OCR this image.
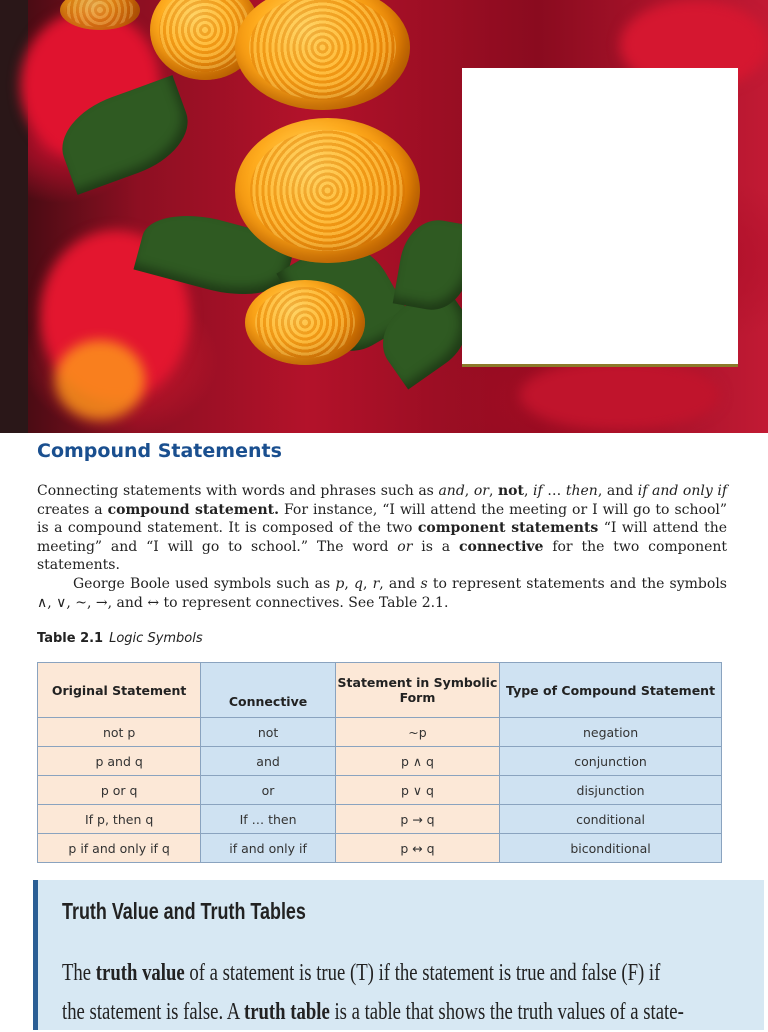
Compound Statements

Connecting statements with words and phrases such as and, or, not, if … then, and if and only if creates a compound statement. For instance, “I will attend the meeting or I will go to school” is a compound statement. It is composed of the two component statements “I will attend the meeting” and “I will go to school.” The word or is a connective for the two component statements.

George Boole used symbols such as p, q, r, and s to represent statements and the symbols ∧, ∨, ~, →, and ↔ to represent connectives. See Table 2.1.

Table 2.1 Logic Symbols
Original Statement	Connective	Statement in Symbolic Form	Type of Compound Statement
not p	not	~p	negation
p and q	and	p ∧ q	conjunction
p or q	or	p ∨ q	disjunction
If p, then q	If … then	p → q	conditional
p if and only if q	if and only if	p ↔ q	biconditional
Truth Value and Truth Tables
The truth value of a statement is true (T) if the statement is true and false (F) if
the statement is false. A truth table is a table that shows the truth values of a state-
